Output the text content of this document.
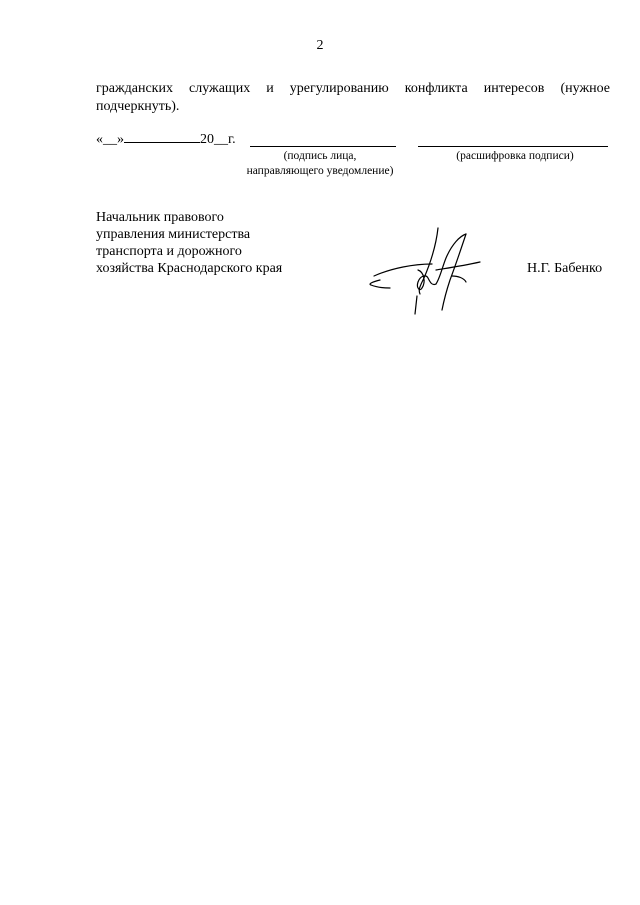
2
гражданских служащих и урегулированию конфликта интересов (нужное
подчеркнуть).
«__»	20__г.
(подпись лица,
направляющего уведомление)
(расшифровка подписи)
Начальник правового
управления министерства
транспорта и дорожного
хозяйства Краснодарского края	Н.Г. Бабенко
